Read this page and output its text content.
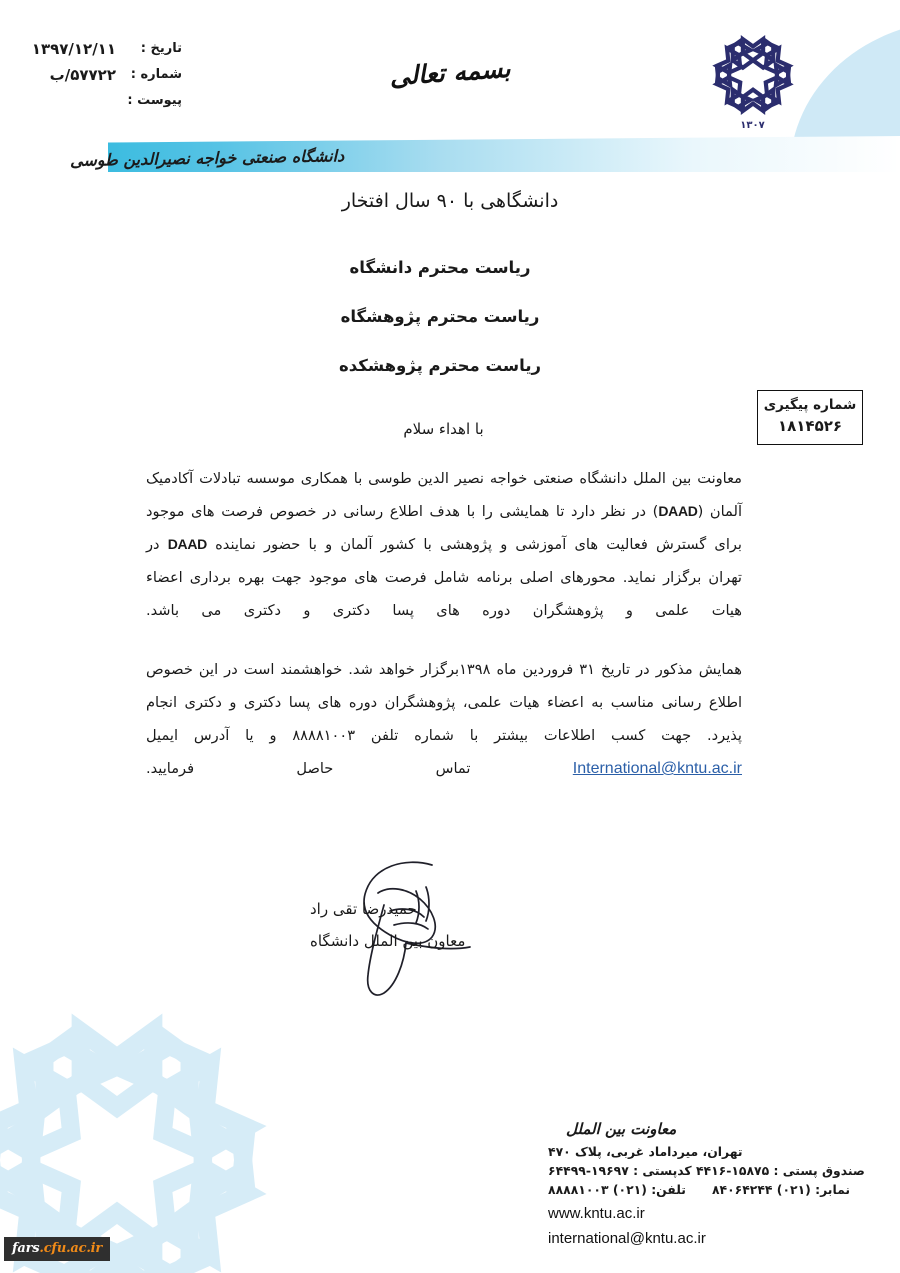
تاریخ :
۱۳۹۷/۱۲/۱۱
شماره :
۵۷۷۲۲/ب
پیوست :
بسمه تعالی
۱۳۰۷
دانشگاه صنعتی خواجه نصیرالدین طوسی
دانشگاهی با ۹۰ سال افتخار
ریاست محترم دانشگاه
ریاست محترم پژوهشگاه
ریاست محترم پژوهشکده
شماره پیگیری
۱۸۱۴۵۲۶
با اهداء سلام

معاونت بین الملل دانشگاه صنعتی خواجه نصیر الدین طوسی با همکاری موسسه تبادلات آکادمیک آلمان (DAAD) در نظر دارد تا همایشی را با هدف اطلاع رسانی در خصوص فرصت های موجود برای گسترش فعالیت های آموزشی و پژوهشی با کشور آلمان و با حضور نماینده DAAD در تهران برگزار نماید. محورهای اصلی برنامه شامل فرصت های موجود جهت بهره برداری اعضاء هیات علمی و پژوهشگران دوره های پسا دکتری و دکتری می باشد.

همایش مذکور در تاریخ ۳۱ فروردین ماه ۱۳۹۸برگزار خواهد شد. خواهشمند است در این خصوص اطلاع رسانی مناسب به اعضاء هیات علمی، پژوهشگران دوره های پسا دکتری و دکتری انجام پذیرد. جهت کسب اطلاعات بیشتر با شماره تلفن ۸۸۸۸۱۰۰۳ و یا آدرس ایمیل International@kntu.ac.ir تماس حاصل فرمایید.

حمیدرضا تقی راد
معاون بین الملل دانشگاه
fars.cfu.ac.ir
معاونت بین الملل
تهران، میرداماد غربی، پلاک ۴۷۰
صندوق پستی : ۱۵۸۷۵-۴۴۱۶ کدپستی : ۱۹۶۹۷-۶۴۴۹۹
نمابر: (۰۲۱) ۸۴۰۶۴۲۴۴تلفن: (۰۲۱) ۸۸۸۸۱۰۰۳
www.kntu.ac.ir
international@kntu.ac.ir
